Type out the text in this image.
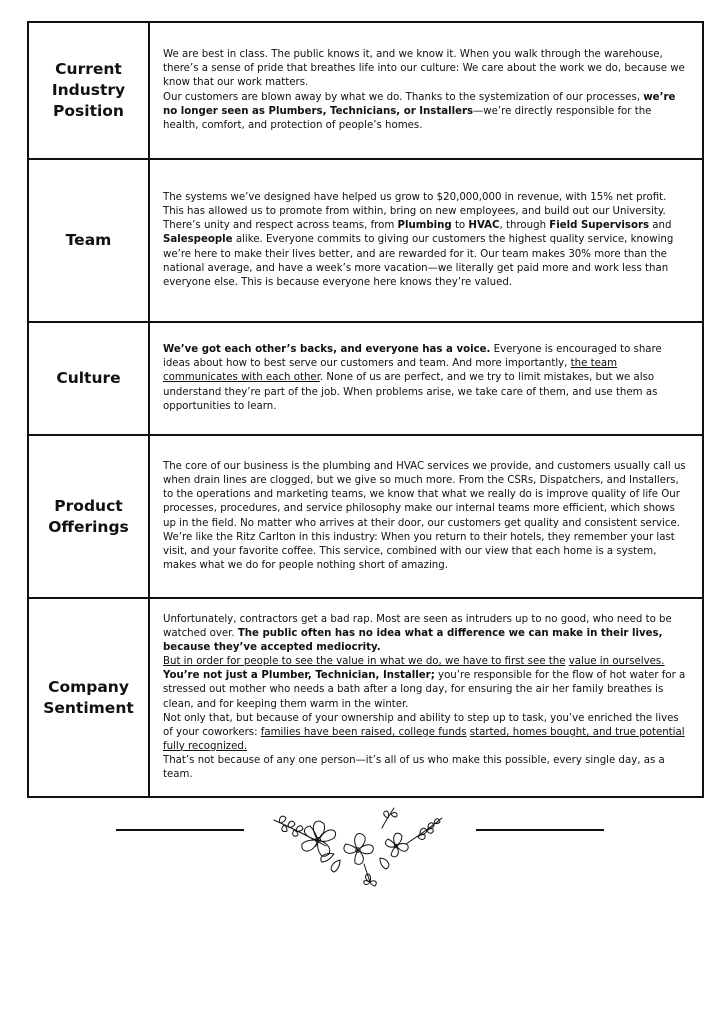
Current Industry Position

We are best in class. The public knows it, and we know it. When you walk through the warehouse, there’s a sense of pride that breathes life into our culture: We care about the work we do, because we know that our work matters.

Our customers are blown away by what we do. Thanks to the systemization of our processes, we’re no longer seen as Plumbers, Technicians, or Installers—we’re directly responsible for the health, comfort, and protection of people’s homes.

Team

The systems we’ve designed have helped us grow to $20,000,000 in revenue, with 15% net profit. This has allowed us to promote from within, bring on new employees, and build out our University.

There’s unity and respect across teams, from Plumbing to HVAC, through Field Supervisors and Salespeople alike. Everyone commits to giving our customers the highest quality service, knowing we’re here to make their lives better, and are rewarded for it. Our team makes 30% more than the national average, and have a week’s more vacation—we literally get paid more and work less than everyone else. This is because everyone here knows they’re valued.

Culture

We’ve got each other’s backs, and everyone has a voice. Everyone is encouraged to share ideas about how to best serve our customers and team. And more importantly, the team communicates with each other. None of us are perfect, and we try to limit mistakes, but we also understand they’re part of the job. When problems arise, we take care of them, and use them as opportunities to learn.

Product Offerings

The core of our business is the plumbing and HVAC services we provide, and customers usually call us when drain lines are clogged, but we give so much more. From the CSRs, Dispatchers, and Installers, to the operations and marketing teams, we know that what we really do is improve quality of life Our processes, procedures, and service philosophy make our internal teams more efficient, which shows up in the field. No matter who arrives at their door, our customers get quality and consistent service. We’re like the Ritz Carlton in this industry: When you return to their hotels, they remember your last visit, and your favorite coffee. This service, combined with our view that each home is a system, makes what we do for people nothing short of amazing.

Company Sentiment

Unfortunately, contractors get a bad rap. Most are seen as intruders up to no good, who need to be watched over. The public often has no idea what a difference we can make in their lives, because they’ve accepted mediocrity.

But in order for people to see the value in what we do, we have to first see the value in ourselves.

You’re not just a Plumber, Technician, Installer; you’re responsible for the flow of hot water for a stressed out mother who needs a bath after a long day, for ensuring the air her family breathes is clean, and for keeping them warm in the winter.

Not only that, but because of your ownership and ability to step up to task, you’ve enriched the lives of your coworkers: families have been raised, college funds started, homes bought, and true potential fully recognized.

That’s not because of any one person—it’s all of us who make this possible, every single day, as a team.
